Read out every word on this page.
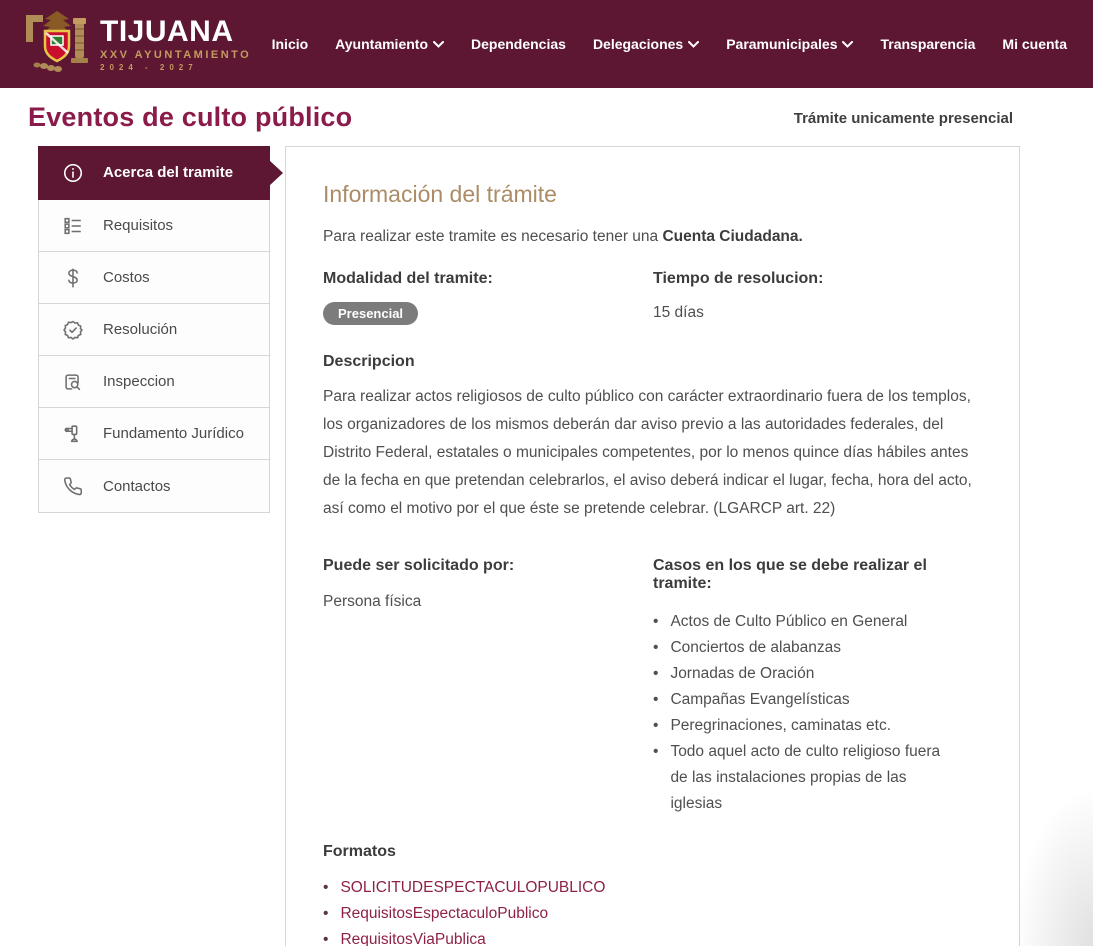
TIJUANA
XXV AYUNTAMIENTO
2024 - 2027
Inicio Ayuntamiento	Dependencias Delegaciones	Paramunicipales	Transparencia Mi cuenta
Eventos de culto público	Trámite unicamente presencial
Acerca del tramite
Requisitos
Costos
Resolución
Inspeccion
Fundamento Jurídico
Contactos
Información del trámite

Para realizar este tramite es necesario tener una Cuenta Ciudadana.

Modalidad del tramite:
Presencial
Tiempo de resolucion:
15 días
Descripcion

Para realizar actos religiosos de culto público con carácter extraordinario fuera de los templos, los organizadores de los mismos deberán dar aviso previo a las autoridades federales, del Distrito Federal, estatales o municipales competentes, por lo menos quince días hábiles antes de la fecha en que pretendan celebrarlos, el aviso deberá indicar el lugar, fecha, hora del acto, así como el motivo por el que éste se pretende celebrar. (LGARCP art. 22)

Puede ser solicitado por:
Persona física
Casos en los que se debe realizar el tramite:
• Actos de Culto Público en General
• Conciertos de alabanzas
• Jornadas de Oración
• Campañas Evangelísticas
• Peregrinaciones, caminatas etc.
• Todo aquel acto de culto religioso fuera de las instalaciones propias de las iglesias
Formatos
• SOLICITUDESPECTACULOPUBLICO
• RequisitosEspectaculoPublico
• RequisitosViaPublica
